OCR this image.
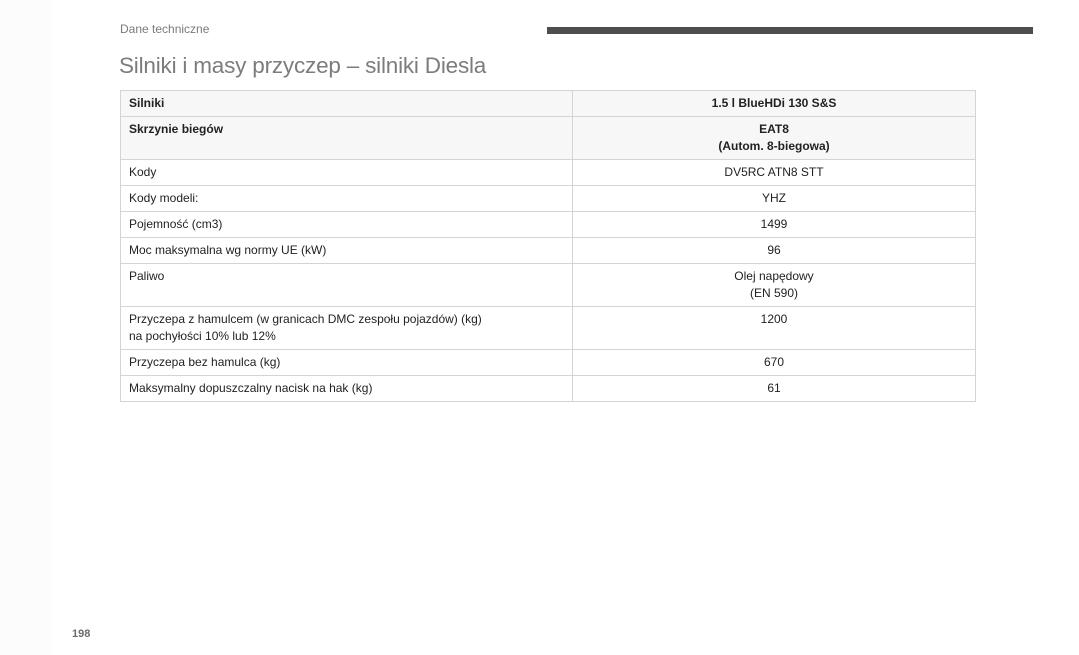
Dane techniczne
Silniki i masy przyczep – silniki Diesla
Silniki	1.5 l BlueHDi 130 S&S
Skrzynie biegów	EAT8
(Autom. 8-biegowa)
Kody	DV5RC ATN8 STT
Kody modeli:	YHZ
Pojemność (cm3)	1499
Moc maksymalna wg normy UE (kW)	96
Paliwo	Olej napędowy
(EN 590)
Przyczepa z hamulcem (w granicach DMC zespołu pojazdów) (kg)
na pochyłości 10% lub 12%	1200
Przyczepa bez hamulca (kg)	670
Maksymalny dopuszczalny nacisk na hak (kg)	61
198
